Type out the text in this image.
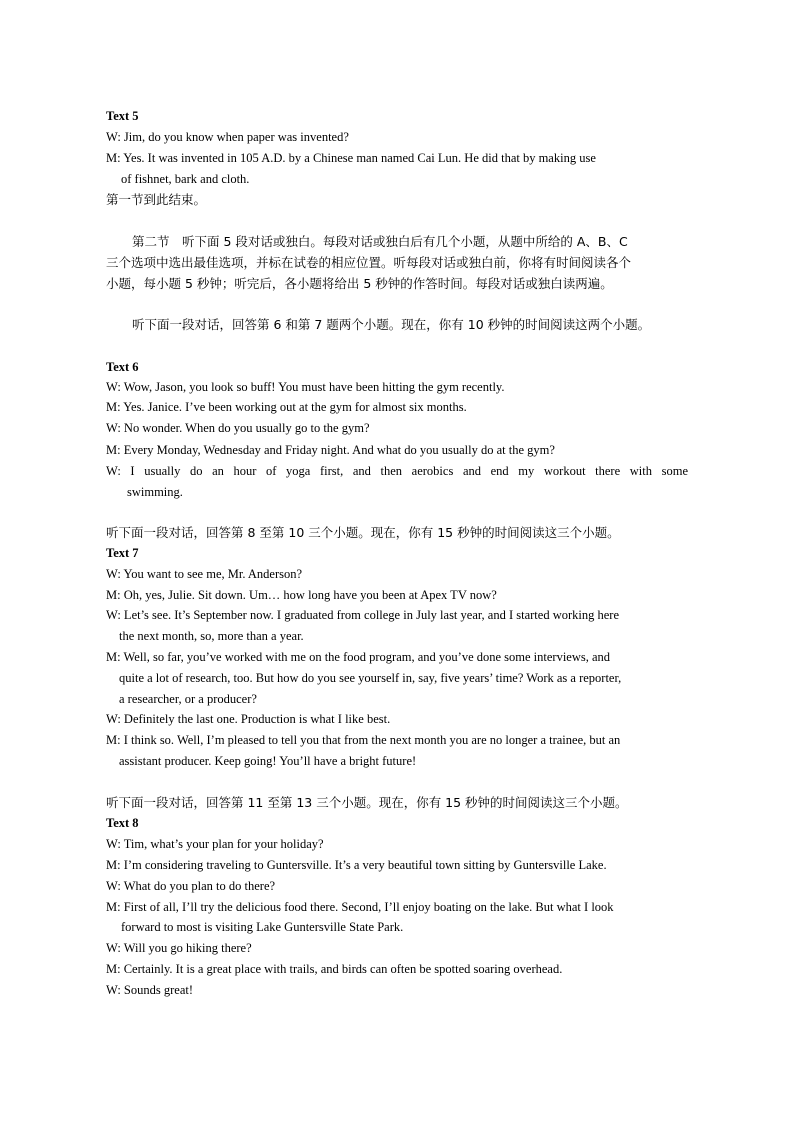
Text 5
W: Jim, do you know when paper was invented?
M: Yes. It was invented in 105 A.D. by a Chinese man named Cai Lun. He did that by making use
of fishnet, bark and cloth.
第一节到此结束。
第二节　听下面 5 段对话或独白。每段对话或独白后有几个小题，从题中所给的 A、B、C
三个选项中选出最佳选项，并标在试卷的相应位置。听每段对话或独白前，你将有时间阅读各个
小题，每小题 5 秒钟；听完后，各小题将给出 5 秒钟的作答时间。每段对话或独白读两遍。
听下面一段对话，回答第 6 和第 7 题两个小题。现在，你有 10 秒钟的时间阅读这两个小题。
Text 6
W: Wow, Jason, you look so buff! You must have been hitting the gym recently.
M: Yes. Janice. I’ve been working out at the gym for almost six months.
W: No wonder. When do you usually go to the gym?
M: Every Monday, Wednesday and Friday night. And what do you usually do at the gym?
W: I usually do an hour of yoga first, and then aerobics and end my workout there with some
swimming.
听下面一段对话，回答第 8 至第 10 三个小题。现在，你有 15 秒钟的时间阅读这三个小题。
Text 7
W: You want to see me, Mr. Anderson?
M: Oh, yes, Julie. Sit down. Um… how long have you been at Apex TV now?
W: Let’s see. It’s September now. I graduated from college in July last year, and I started working here
the next month, so, more than a year.
M: Well, so far, you’ve worked with me on the food program, and you’ve done some interviews, and
quite a lot of research, too. But how do you see yourself in, say, five years’ time? Work as a reporter,
a researcher, or a producer?
W: Definitely the last one. Production is what I like best.
M: I think so. Well, I’m pleased to tell you that from the next month you are no longer a trainee, but an
assistant producer. Keep going! You’ll have a bright future!
听下面一段对话，回答第 11 至第 13 三个小题。现在，你有 15 秒钟的时间阅读这三个小题。
Text 8
W: Tim, what’s your plan for your holiday?
M: I’m considering traveling to Guntersville. It’s a very beautiful town sitting by Guntersville Lake.
W: What do you plan to do there?
M: First of all, I’ll try the delicious food there. Second, I’ll enjoy boating on the lake. But what I look
forward to most is visiting Lake Guntersville State Park.
W: Will you go hiking there?
M: Certainly. It is a great place with trails, and birds can often be spotted soaring overhead.
W: Sounds great!
